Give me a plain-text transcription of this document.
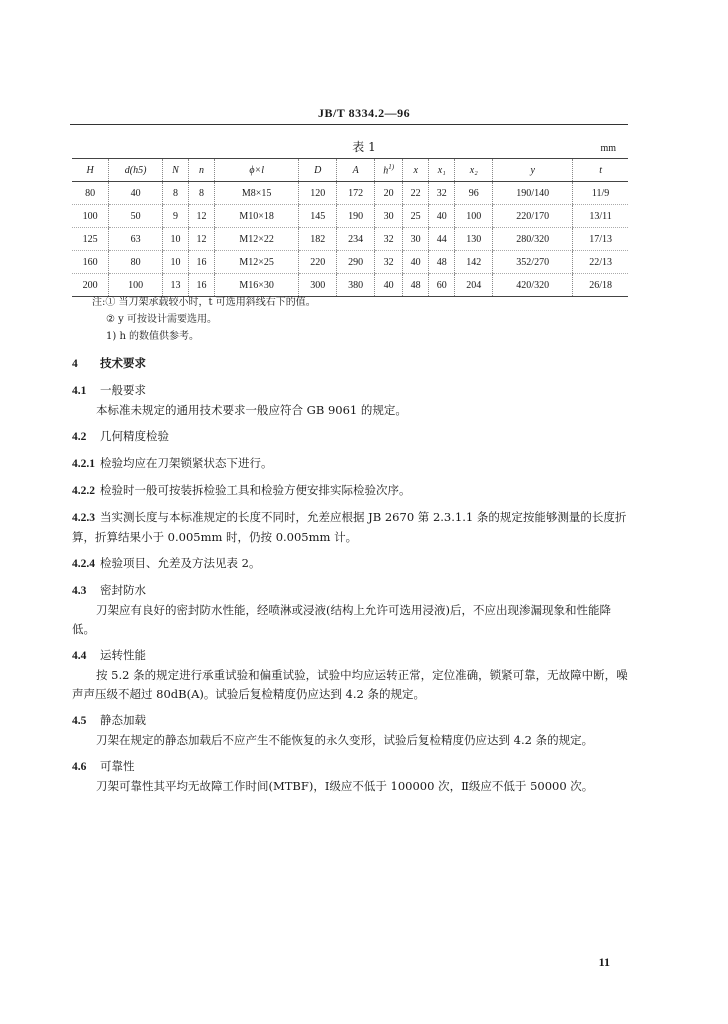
JB/T 8334.2—96
表 1	mm
H	d(h5)	N	n	ϕ×l	D	A	$h^{1)}$	x	x₁	x₂	y	t
80	40	8	8	M8×15	120	172	20	22	32	96	190/140	11/9
100	50	9	12	M10×18	145	190	30	25	40	100	220/170	13/11
125	63	10	12	M12×22	182	234	32	30	44	130	280/320	17/13
160	80	10	16	M12×25	220	290	32	40	48	142	352/270	22/13
200	100	13	16	M16×30	300	380	40	48	60	204	420/320	26/18
注:① 当刀架承载较小时，t 可选用斜线右下的值。
② y 可按设计需要选用。
1) h 的数值供参考。
4 技术要求
4.1 一般要求
本标准未规定的通用技术要求一般应符合 GB 9061 的规定。
4.2 几何精度检验
4.2.1 检验均应在刀架锁紧状态下进行。
4.2.2 检验时一般可按装拆检验工具和检验方便安排实际检验次序。
4.2.3 当实测长度与本标准规定的长度不同时，允差应根据 JB 2670 第 2.3.1.1 条的规定按能够测量的长度折算，折算结果小于 0.005mm 时，仍按 0.005mm 计。
4.2.4 检验项目、允差及方法见表 2。
4.3 密封防水
刀架应有良好的密封防水性能，经喷淋或浸液(结构上允许可选用浸液)后，不应出现渗漏现象和性能降低。
4.4 运转性能
按 5.2 条的规定进行承重试验和偏重试验，试验中均应运转正常，定位准确，锁紧可靠，无故障中断，噪声声压级不超过 80dB(A)。试验后复检精度仍应达到 4.2 条的规定。
4.5 静态加载
刀架在规定的静态加载后不应产生不能恢复的永久变形，试验后复检精度仍应达到 4.2 条的规定。
4.6 可靠性
刀架可靠性其平均无故障工作时间(MTBF)，Ⅰ级应不低于 100000 次，Ⅱ级应不低于 50000 次。
11
